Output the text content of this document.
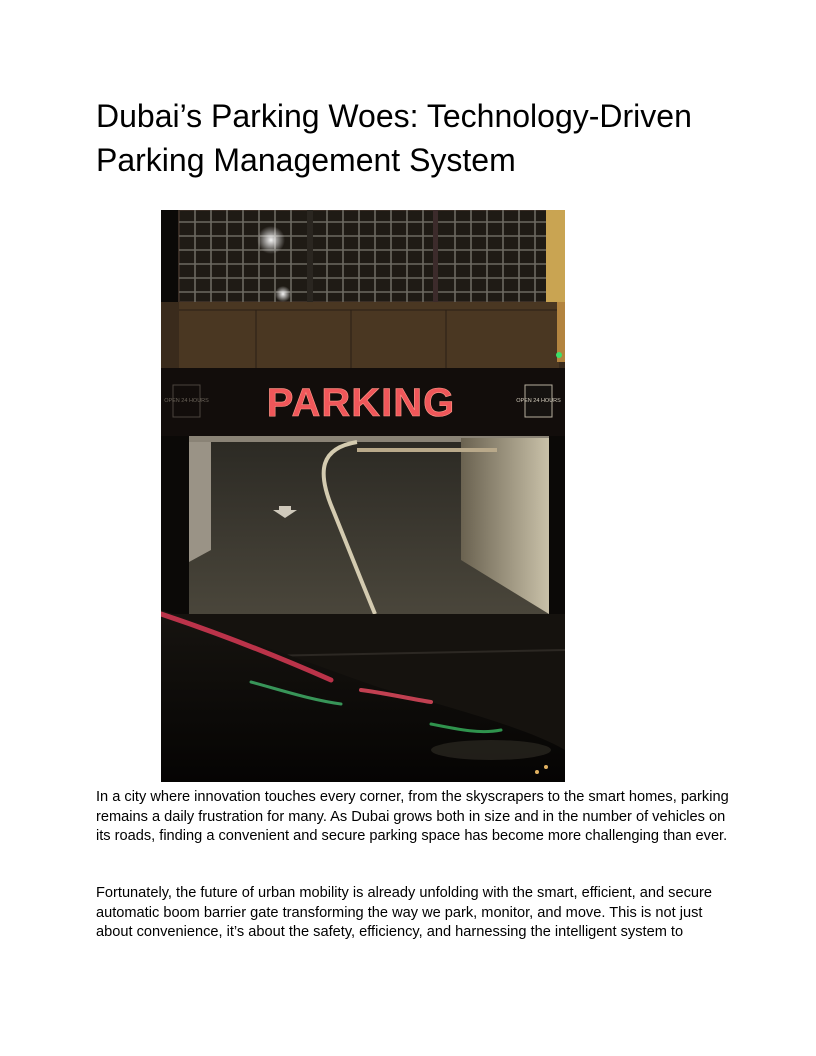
Dubai’s Parking Woes: Technology-Driven Parking Management System
OPEN 24 HOURS	OPEN 24 HOURS
PARKING

In a city where innovation touches every corner, from the skyscrapers to the smart homes, parking remains a daily frustration for many. As Dubai grows both in size and in the number of vehicles on its roads, finding a convenient and secure parking space has become more challenging than ever.

Fortunately, the future of urban mobility is already unfolding with the smart, efficient, and secure automatic boom barrier gate transforming the way we park, monitor, and move. This is not just about convenience, it’s about the safety, efficiency, and harnessing the intelligent system to
